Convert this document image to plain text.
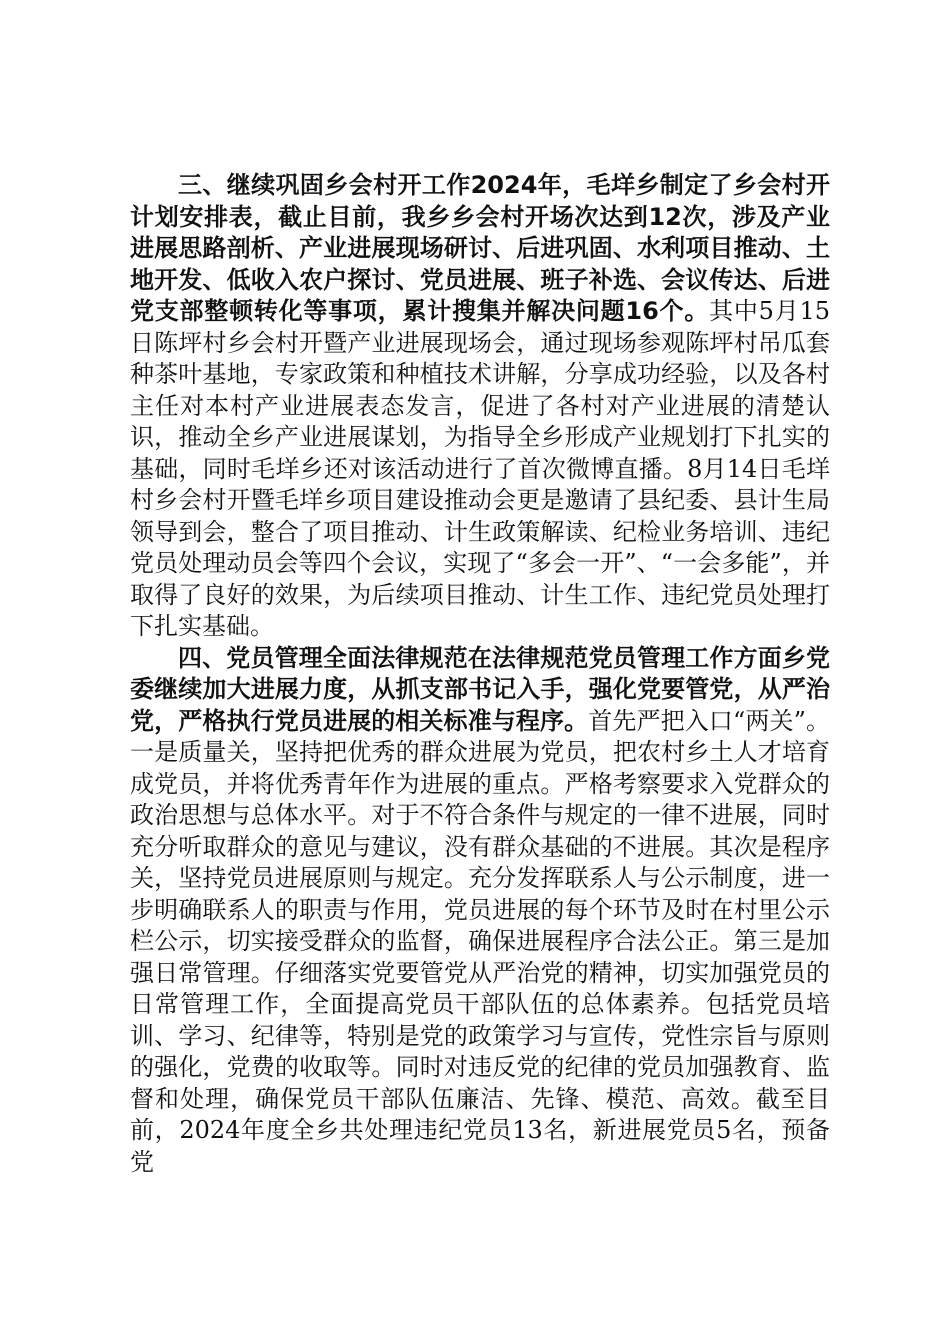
三、继续巩固乡会村开工作2024年，毛垟乡制定了乡会村开计划安排表，截止目前，我乡乡会村开场次达到12次，涉及产业进展思路剖析、产业进展现场研讨、后进巩固、水利项目推动、土地开发、低收入农户探讨、党员进展、班子补选、会议传达、后进党支部整顿转化等事项，累计搜集并解决问题16个。其中5月15日陈坪村乡会村开暨产业进展现场会，通过现场参观陈坪村吊瓜套种茶叶基地，专家政策和种植技术讲解，分享成功经验，以及各村主任对本村产业进展表态发言，促进了各村对产业进展的清楚认识，推动全乡产业进展谋划，为指导全乡形成产业规划打下扎实的基础，同时毛垟乡还对该活动进行了首次微博直播。8月14日毛垟村乡会村开暨毛垟乡项目建设推动会更是邀请了县纪委、县计生局领导到会，整合了项目推动、计生政策解读、纪检业务培训、违纪党员处理动员会等四个会议，实现了“多会一开”、“一会多能”，并取得了良好的效果，为后续项目推动、计生工作、违纪党员处理打下扎实基础。

四、党员管理全面法律规范在法律规范党员管理工作方面乡党委继续加大进展力度，从抓支部书记入手，强化党要管党，从严治党，严格执行党员进展的相关标准与程序。首先严把入口“两关”。一是质量关，坚持把优秀的群众进展为党员，把农村乡土人才培育成党员，并将优秀青年作为进展的重点。严格考察要求入党群众的政治思想与总体水平。对于不符合条件与规定的一律不进展，同时充分听取群众的意见与建议，没有群众基础的不进展。其次是程序关，坚持党员进展原则与规定。充分发挥联系人与公示制度，进一步明确联系人的职责与作用，党员进展的每个环节及时在村里公示栏公示，切实接受群众的监督，确保进展程序合法公正。第三是加强日常管理。仔细落实党要管党从严治党的精神，切实加强党员的日常管理工作，全面提高党员干部队伍的总体素养。包括党员培训、学习、纪律等，特别是党的政策学习与宣传，党性宗旨与原则的强化，党费的收取等。同时对违反党的纪律的党员加强教育、监督和处理，确保党员干部队伍廉洁、先锋、模范、高效。截至目前，2024年度全乡共处理违纪党员13名，新进展党员5名，预备党
